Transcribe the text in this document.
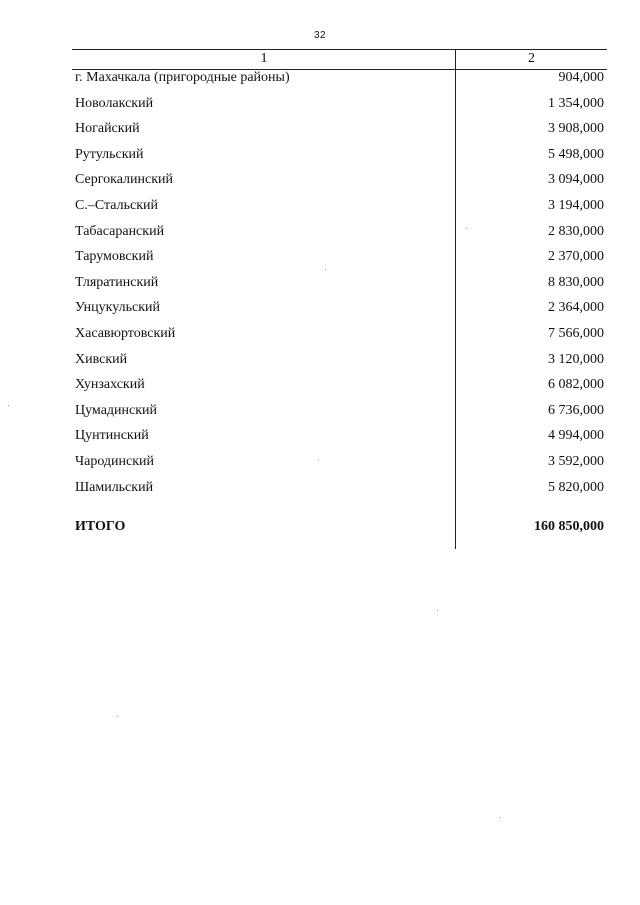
32
1	2
г. Махачкала (пригородные районы)	904,000
Новолакский	1 354,000
Ногайский	3 908,000
Рутульский	5 498,000
Сергокалинский	3 094,000
С.–Стальский	3 194,000
Табасаранский	2 830,000
Тарумовский	2 370,000
Тляратинский	8 830,000
Унцукульский	2 364,000
Хасавюртовский	7 566,000
Хивский	3 120,000
Хунзахский	6 082,000
Цумадинский	6 736,000
Цунтинский	4 994,000
Чародинский	3 592,000
Шамильский	5 820,000
ИТОГО	160 850,000
